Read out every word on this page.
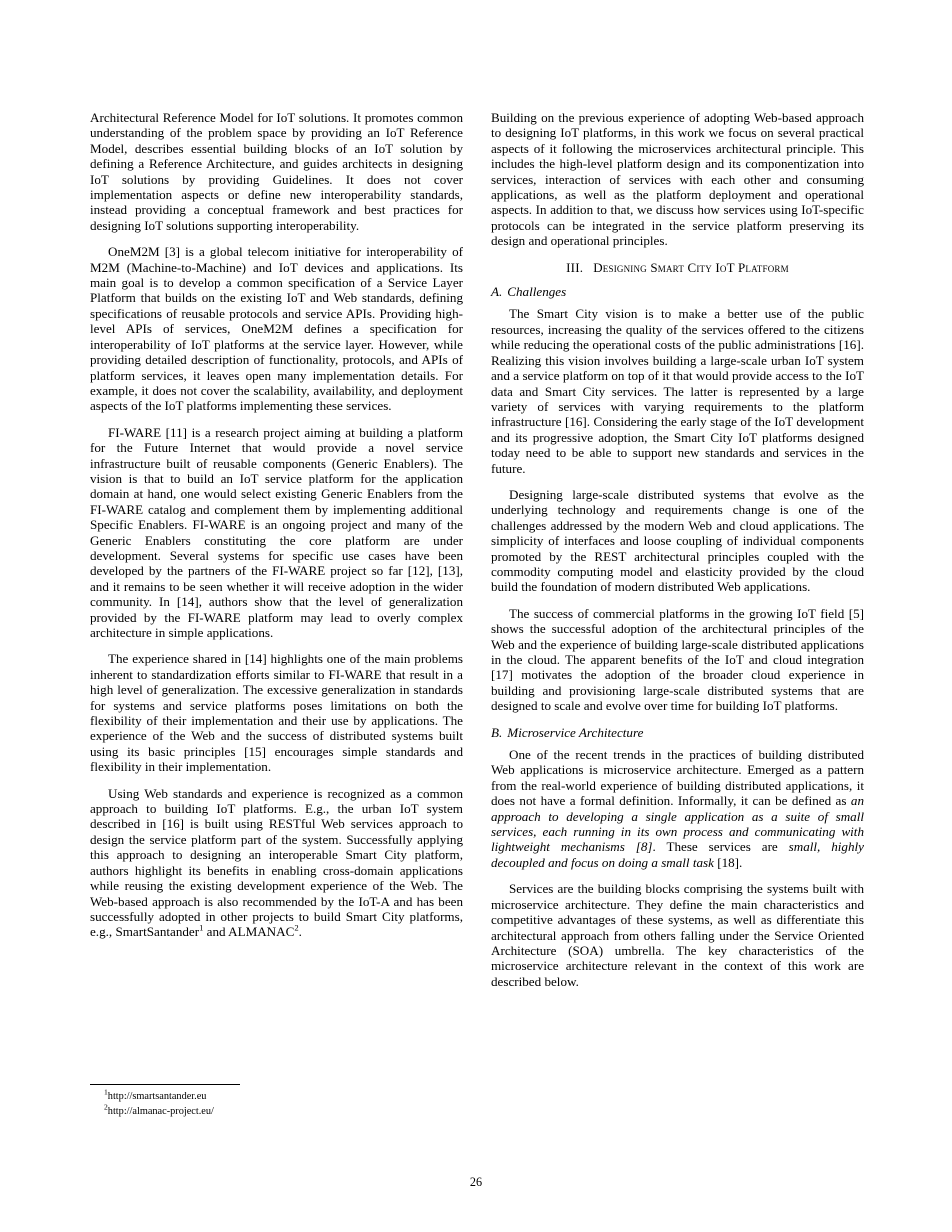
Architectural Reference Model for IoT solutions. It promotes common understanding of the problem space by providing an IoT Reference Model, describes essential building blocks of an IoT solution by defining a Reference Architecture, and guides architects in designing IoT solutions by providing Guidelines. It does not cover implementation aspects or define new interoperability standards, instead providing a conceptual framework and best practices for designing IoT solutions supporting interoperability.

OneM2M [3] is a global telecom initiative for interoperability of M2M (Machine-to-Machine) and IoT devices and applications. Its main goal is to develop a common specification of a Service Layer Platform that builds on the existing IoT and Web standards, defining specifications of reusable protocols and service APIs. Providing high-level APIs of services, OneM2M defines a specification for interoperability of IoT platforms at the service layer. However, while providing detailed description of functionality, protocols, and APIs of platform services, it leaves open many implementation details. For example, it does not cover the scalability, availability, and deployment aspects of the IoT platforms implementing these services.

FI-WARE [11] is a research project aiming at building a platform for the Future Internet that would provide a novel service infrastructure built of reusable components (Generic Enablers). The vision is that to build an IoT service platform for the application domain at hand, one would select existing Generic Enablers from the FI-WARE catalog and complement them by implementing additional Specific Enablers. FI-WARE is an ongoing project and many of the Generic Enablers constituting the core platform are under development. Several systems for specific use cases have been developed by the partners of the FI-WARE project so far [12], [13], and it remains to be seen whether it will receive adoption in the wider community. In [14], authors show that the level of generalization provided by the FI-WARE platform may lead to overly complex architecture in simple applications.

The experience shared in [14] highlights one of the main problems inherent to standardization efforts similar to FI-WARE that result in a high level of generalization. The excessive generalization in standards for systems and service platforms poses limitations on both the flexibility of their implementation and their use by applications. The experience of the Web and the success of distributed systems built using its basic principles [15] encourages simple standards and flexibility in their implementation.

Using Web standards and experience is recognized as a common approach to building IoT platforms. E.g., the urban IoT system described in [16] is built using RESTful Web services approach to design the service platform part of the system. Successfully applying this approach to designing an interoperable Smart City platform, authors highlight its benefits in enabling cross-domain applications while reusing the existing development experience of the Web. The Web-based approach is also recommended by the IoT-A and has been successfully adopted in other projects to build Smart City platforms, e.g., SmartSantander$^1$ and ALMANAC$^2$.

$^1$http://smartsantander.eu

$^2$http://almanac-project.eu/

Building on the previous experience of adopting Web-based approach to designing IoT platforms, in this work we focus on several practical aspects of it following the microservices architectural principle. This includes the high-level platform design and its componentization into services, interaction of services with each other and consuming applications, as well as the platform deployment and operational aspects. In addition to that, we discuss how services using IoT-specific protocols can be integrated in the service platform preserving its design and operational principles.

III. Designing Smart City IoT Platform

A. Challenges

The Smart City vision is to make a better use of the public resources, increasing the quality of the services offered to the citizens while reducing the operational costs of the public administrations [16]. Realizing this vision involves building a large-scale urban IoT system and a service platform on top of it that would provide access to the IoT data and Smart City services. The latter is represented by a large variety of services with varying requirements to the platform infrastructure [16]. Considering the early stage of the IoT development and its progressive adoption, the Smart City IoT platforms designed today need to be able to support new standards and services in the future.

Designing large-scale distributed systems that evolve as the underlying technology and requirements change is one of the challenges addressed by the modern Web and cloud applications. The simplicity of interfaces and loose coupling of individual components promoted by the REST architectural principles coupled with the commodity computing model and elasticity provided by the cloud build the foundation of modern distributed Web applications.

The success of commercial platforms in the growing IoT field [5] shows the successful adoption of the architectural principles of the Web and the experience of building large-scale distributed applications in the cloud. The apparent benefits of the IoT and cloud integration [17] motivates the adoption of the broader cloud experience in building and provisioning large-scale distributed systems that are designed to scale and evolve over time for building IoT platforms.

B. Microservice Architecture

One of the recent trends in the practices of building distributed Web applications is microservice architecture. Emerged as a pattern from the real-world experience of building distributed applications, it does not have a formal definition. Informally, it can be defined as an approach to developing a single application as a suite of small services, each running in its own process and communicating with lightweight mechanisms [8]. These services are small, highly decoupled and focus on doing a small task [18].

Services are the building blocks comprising the systems built with microservice architecture. They define the main characteristics and competitive advantages of these systems, as well as differentiate this architectural approach from others falling under the Service Oriented Architecture (SOA) umbrella. The key characteristics of the microservice architecture relevant in the context of this work are described below.

26
